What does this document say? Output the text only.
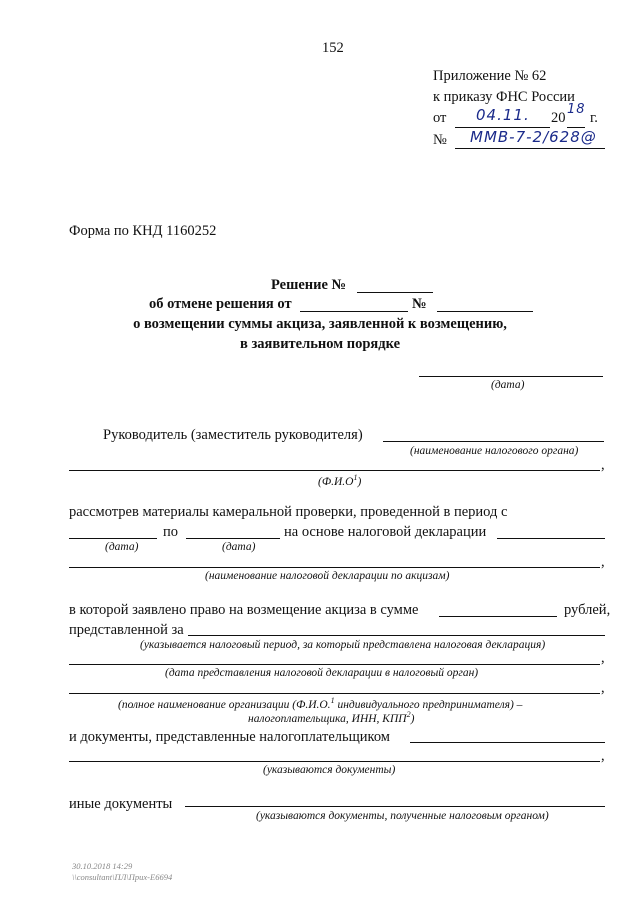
152
Приложение № 62
к приказу ФНС России
от 04.11. 20
18
г.
№ ММВ-7-2/628@
Форма по КНД 1160252
Решение №
об отмене решения от	№
о возмещении суммы акциза, заявленной к возмещению,
в заявительном порядке
(дата)
Руководитель (заместитель руководителя)
(наименование налогового органа)
,
$(Ф.И.О^1)$
рассмотрев материалы камеральной проверки, проведенной в период с
по	на основе налоговой декларации
(дата)	(дата)
,
(наименование налоговой декларации по акцизам)
в которой заявлено право на возмещение акциза в сумме	рублей,
представленной за
(указывается налоговый период, за который представлена налоговая декларация)
,
(дата представления налоговой декларации в налоговый орган)
,
(полное наименование организации (Ф.И.О.$^1$ индивидуального предпринимателя) –
налогоплательщика, ИНН, КПП$^2$)
и документы, представленные налогоплательщиком
,
(указываются документы)
иные документы
(указываются документы, полученные налоговым органом)
30.10.2018 14:29
\\consultant\ПЛ\Приx-E6694
